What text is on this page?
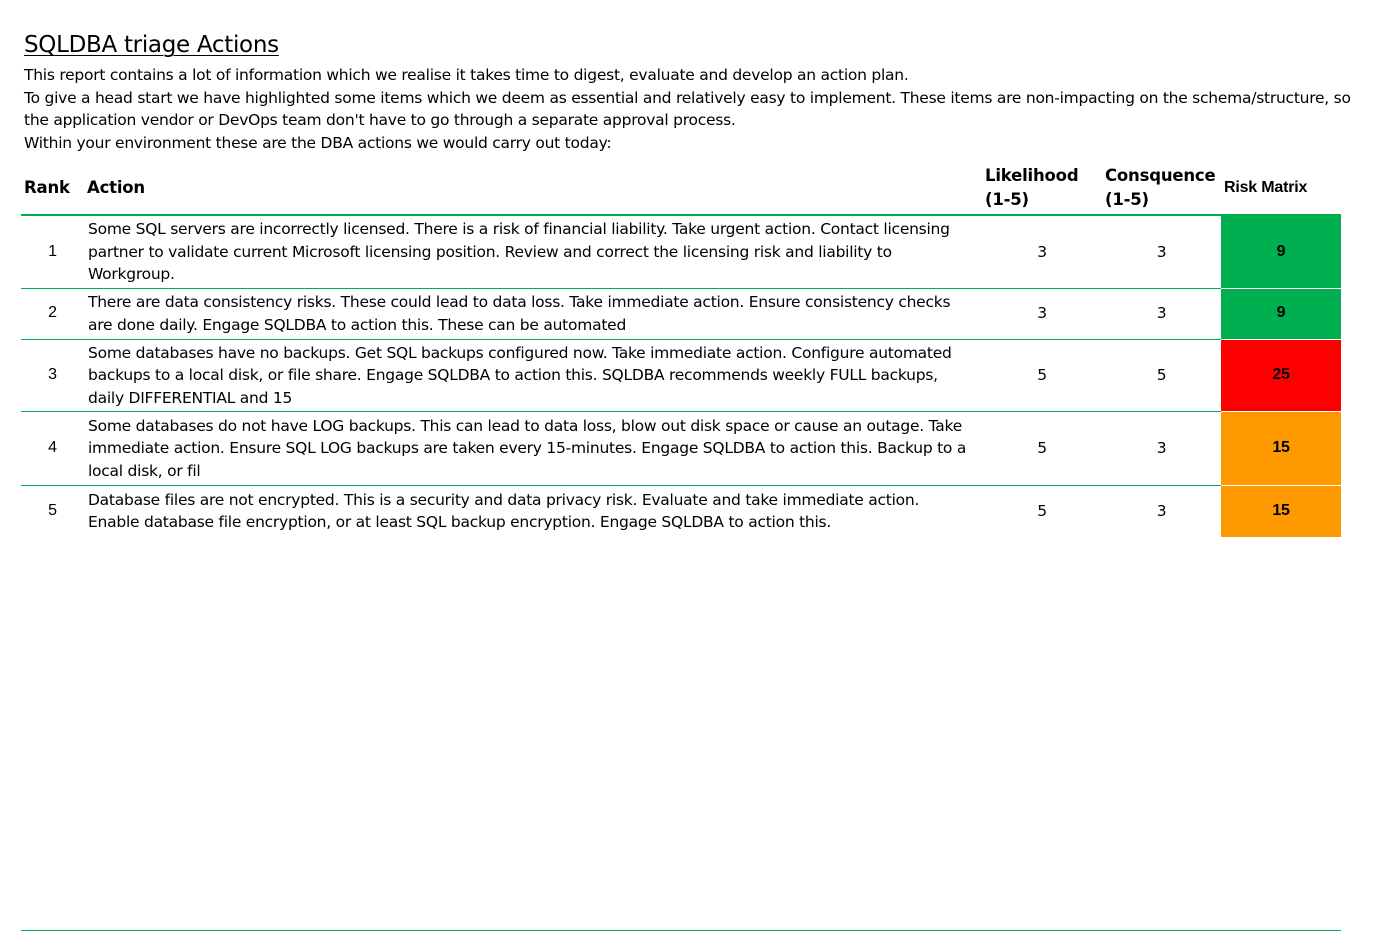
SQLDBA triage Actions

This report contains a lot of information which we realise it takes time to digest, evaluate and develop an action plan.

To give a head start we have highlighted some items which we deem as essential and relatively easy to implement. These items are non-impacting on the schema/structure, so the application vendor or DevOps team don't have to go through a separate approval process.

Within your environment these are the DBA actions we would carry out today:

Rank	Action	Likelihood (1-5)	Consquence (1-5)	Risk Matrix
1	Some SQL servers are incorrectly licensed. There is a risk of financial liability. Take urgent action. Contact licensing partner to validate current Microsoft licensing position. Review and correct the licensing risk and liability to Workgroup.	3	3	9
2	There are data consistency risks. These could lead to data loss. Take immediate action. Ensure consistency checks are done daily. Engage SQLDBA to action this. These can be automated	3	3	9
3	Some databases have no backups. Get SQL backups configured now. Take immediate action. Configure automated backups to a local disk, or file share. Engage SQLDBA to action this. SQLDBA recommends weekly FULL backups, daily DIFFERENTIAL and 15	5	5	25
4	Some databases do not have LOG backups. This can lead to data loss, blow out disk space or cause an outage. Take immediate action. Ensure SQL LOG backups are taken every 15-minutes. Engage SQLDBA to action this. Backup to a local disk, or fil	5	3	15
5	Database files are not encrypted. This is a security and data privacy risk. Evaluate and take immediate action. Enable database file encryption, or at least SQL backup encryption. Engage SQLDBA to action this.	5	3	15
